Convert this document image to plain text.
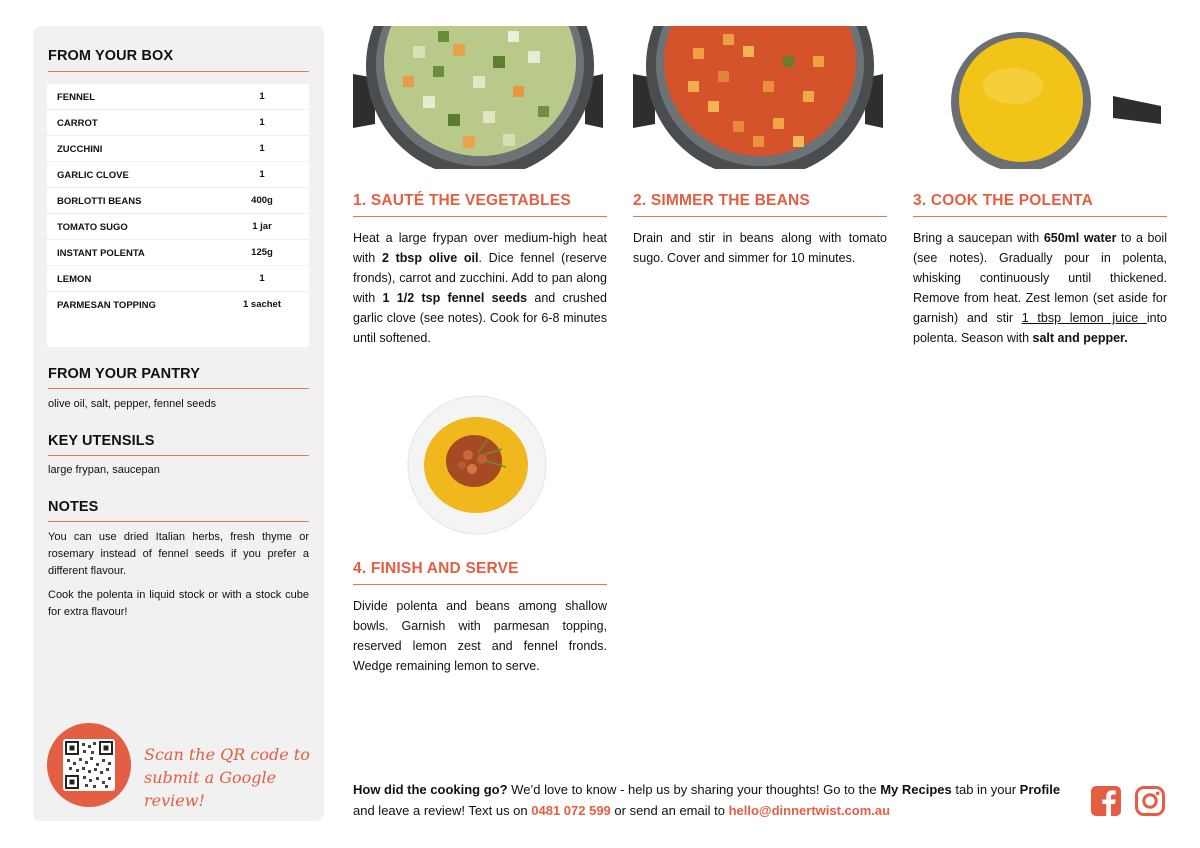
FROM YOUR BOX
FENNEL	1
CARROT	1
ZUCCHINI	1
GARLIC CLOVE	1
BORLOTTI BEANS	400g
TOMATO SUGO	1 jar
INSTANT POLENTA	125g
LEMON	1
PARMESAN TOPPING	1 sachet
FROM YOUR PANTRY
olive oil, salt, pepper, fennel seeds
KEY UTENSILS
large frypan, saucepan
NOTES
You can use dried Italian herbs, fresh thyme or rosemary instead of fennel seeds if you prefer a different flavour.
Cook the polenta in liquid stock or with a stock cube for extra flavour!
Scan the QR code to submit a Google review!
1. SAUTÉ THE VEGETABLES
Heat a large frypan over medium-high heat with 2 tbsp olive oil. Dice fennel (reserve fronds), carrot and zucchini. Add to pan along with 1 1/2 tsp fennel seeds and crushed garlic clove (see notes). Cook for 6-8 minutes until softened.
2. SIMMER THE BEANS
Drain and stir in beans along with tomato sugo. Cover and simmer for 10 minutes.
3. COOK THE POLENTA
Bring a saucepan with 650ml water to a boil (see notes). Gradually pour in polenta, whisking continuously until thickened. Remove from heat. Zest lemon (set aside for garnish) and stir 1 tbsp lemon juice into polenta. Season with salt and pepper.
4. FINISH AND SERVE
Divide polenta and beans among shallow bowls. Garnish with parmesan topping, reserved lemon zest and fennel fronds. Wedge remaining lemon to serve.
How did the cooking go? We’d love to know - help us by sharing your thoughts! Go to the My Recipes tab in your Profile and leave a review! Text us on 0481 072 599 or send an email to hello@dinnertwist.com.au
